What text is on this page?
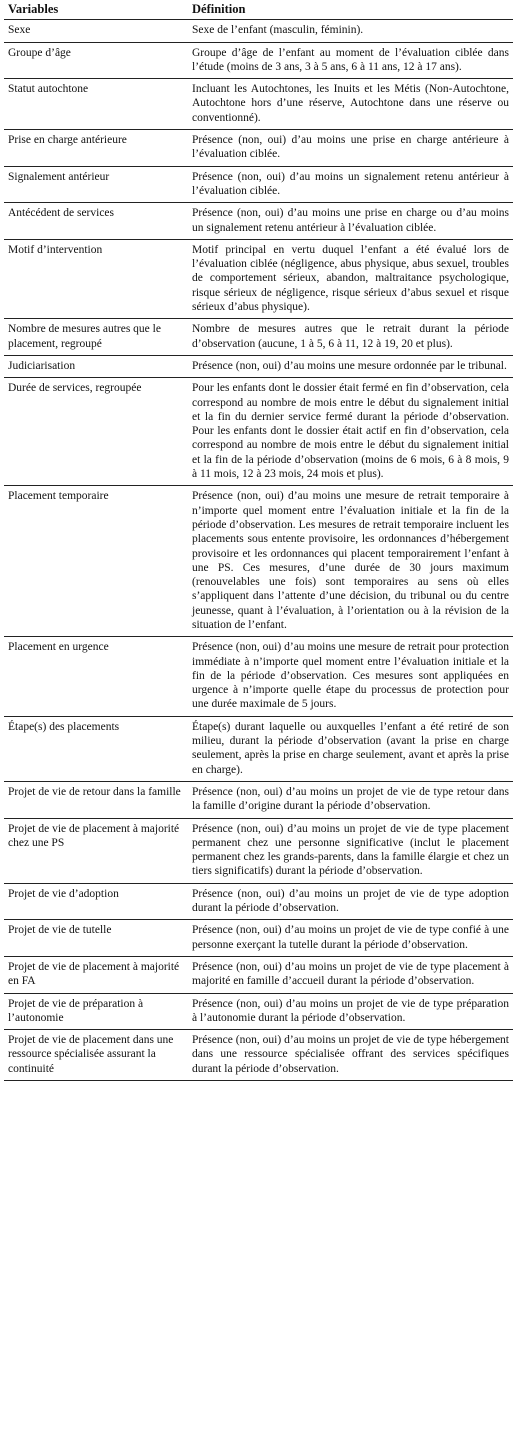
Variables	Définition
Sexe	Sexe de l’enfant (masculin, féminin).
Groupe d’âge	Groupe d’âge de l’enfant au moment de l’évaluation ciblée dans l’étude (moins de 3 ans, 3 à 5 ans, 6 à 11 ans, 12 à 17 ans).
Statut autochtone	Incluant les Autochtones, les Inuits et les Métis (Non-Autochtone, Autochtone hors d’une réserve, Autochtone dans une réserve ou conventionné).
Prise en charge antérieure	Présence (non, oui) d’au moins une prise en charge antérieure à l’évaluation ciblée.
Signalement antérieur	Présence (non, oui) d’au moins un signalement retenu antérieur à l’évaluation ciblée.
Antécédent de services	Présence (non, oui) d’au moins une prise en charge ou d’au moins un signalement retenu antérieur à l’évaluation ciblée.
Motif d’intervention	Motif principal en vertu duquel l’enfant a été évalué lors de l’évaluation ciblée (négligence, abus physique, abus sexuel, troubles de comportement sérieux, abandon, maltraitance psychologique, risque sérieux de négligence, risque sérieux d’abus sexuel et risque sérieux d’abus physique).
Nombre de mesures autres que le placement, regroupé	Nombre de mesures autres que le retrait durant la période d’observation (aucune, 1 à 5, 6 à 11, 12 à 19, 20 et plus).
Judiciarisation	Présence (non, oui) d’au moins une mesure ordonnée par le tribunal.
Durée de services, regroupée	Pour les enfants dont le dossier était fermé en fin d’observation, cela correspond au nombre de mois entre le début du signalement initial et la fin du dernier service fermé durant la période d’observation. Pour les enfants dont le dossier était actif en fin d’observation, cela correspond au nombre de mois entre le début du signalement initial et la fin de la période d’observation (moins de 6 mois, 6 à 8 mois, 9 à 11 mois, 12 à 23 mois, 24 mois et plus).
Placement temporaire	Présence (non, oui) d’au moins une mesure de retrait temporaire à n’importe quel moment entre l’évaluation initiale et la fin de la période d’observation. Les mesures de retrait temporaire incluent les placements sous entente provisoire, les ordonnances d’hébergement provisoire et les ordonnances qui placent temporairement l’enfant à une PS. Ces mesures, d’une durée de 30 jours maximum (renouvelables une fois) sont temporaires au sens où elles s’appliquent dans l’attente d’une décision, du tribunal ou du centre jeunesse, quant à l’évaluation, à l’orientation ou à la révision de la situation de l’enfant.
Placement en urgence	Présence (non, oui) d’au moins une mesure de retrait pour protection immédiate à n’importe quel moment entre l’évaluation initiale et la fin de la période d’observation. Ces mesures sont appliquées en urgence à n’importe quelle étape du processus de protection pour une durée maximale de 5 jours.
Étape(s) des placements	Étape(s) durant laquelle ou auxquelles l’enfant a été retiré de son milieu, durant la période d’observation (avant la prise en charge seulement, après la prise en charge seulement, avant et après la prise en charge).
Projet de vie de retour dans la famille	Présence (non, oui) d’au moins un projet de vie de type retour dans la famille d’origine durant la période d’observation.
Projet de vie de placement à majorité chez une PS	Présence (non, oui) d’au moins un projet de vie de type placement permanent chez une personne significative (inclut le placement permanent chez les grands-parents, dans la famille élargie et chez un tiers significatifs) durant la période d’observation.
Projet de vie d’adoption	Présence (non, oui) d’au moins un projet de vie de type adoption durant la période d’observation.
Projet de vie de tutelle	Présence (non, oui) d’au moins un projet de vie de type confié à une personne exerçant la tutelle durant la période d’observation.
Projet de vie de placement à majorité en FA	Présence (non, oui) d’au moins un projet de vie de type placement à majorité en famille d’accueil durant la période d’observation.
Projet de vie de préparation à l’autonomie	Présence (non, oui) d’au moins un projet de vie de type préparation à l’autonomie durant la période d’observation.
Projet de vie de placement dans une ressource spécialisée assurant la continuité	Présence (non, oui) d’au moins un projet de vie de type hébergement dans une ressource spécialisée offrant des services spécifiques durant la période d’observation.
